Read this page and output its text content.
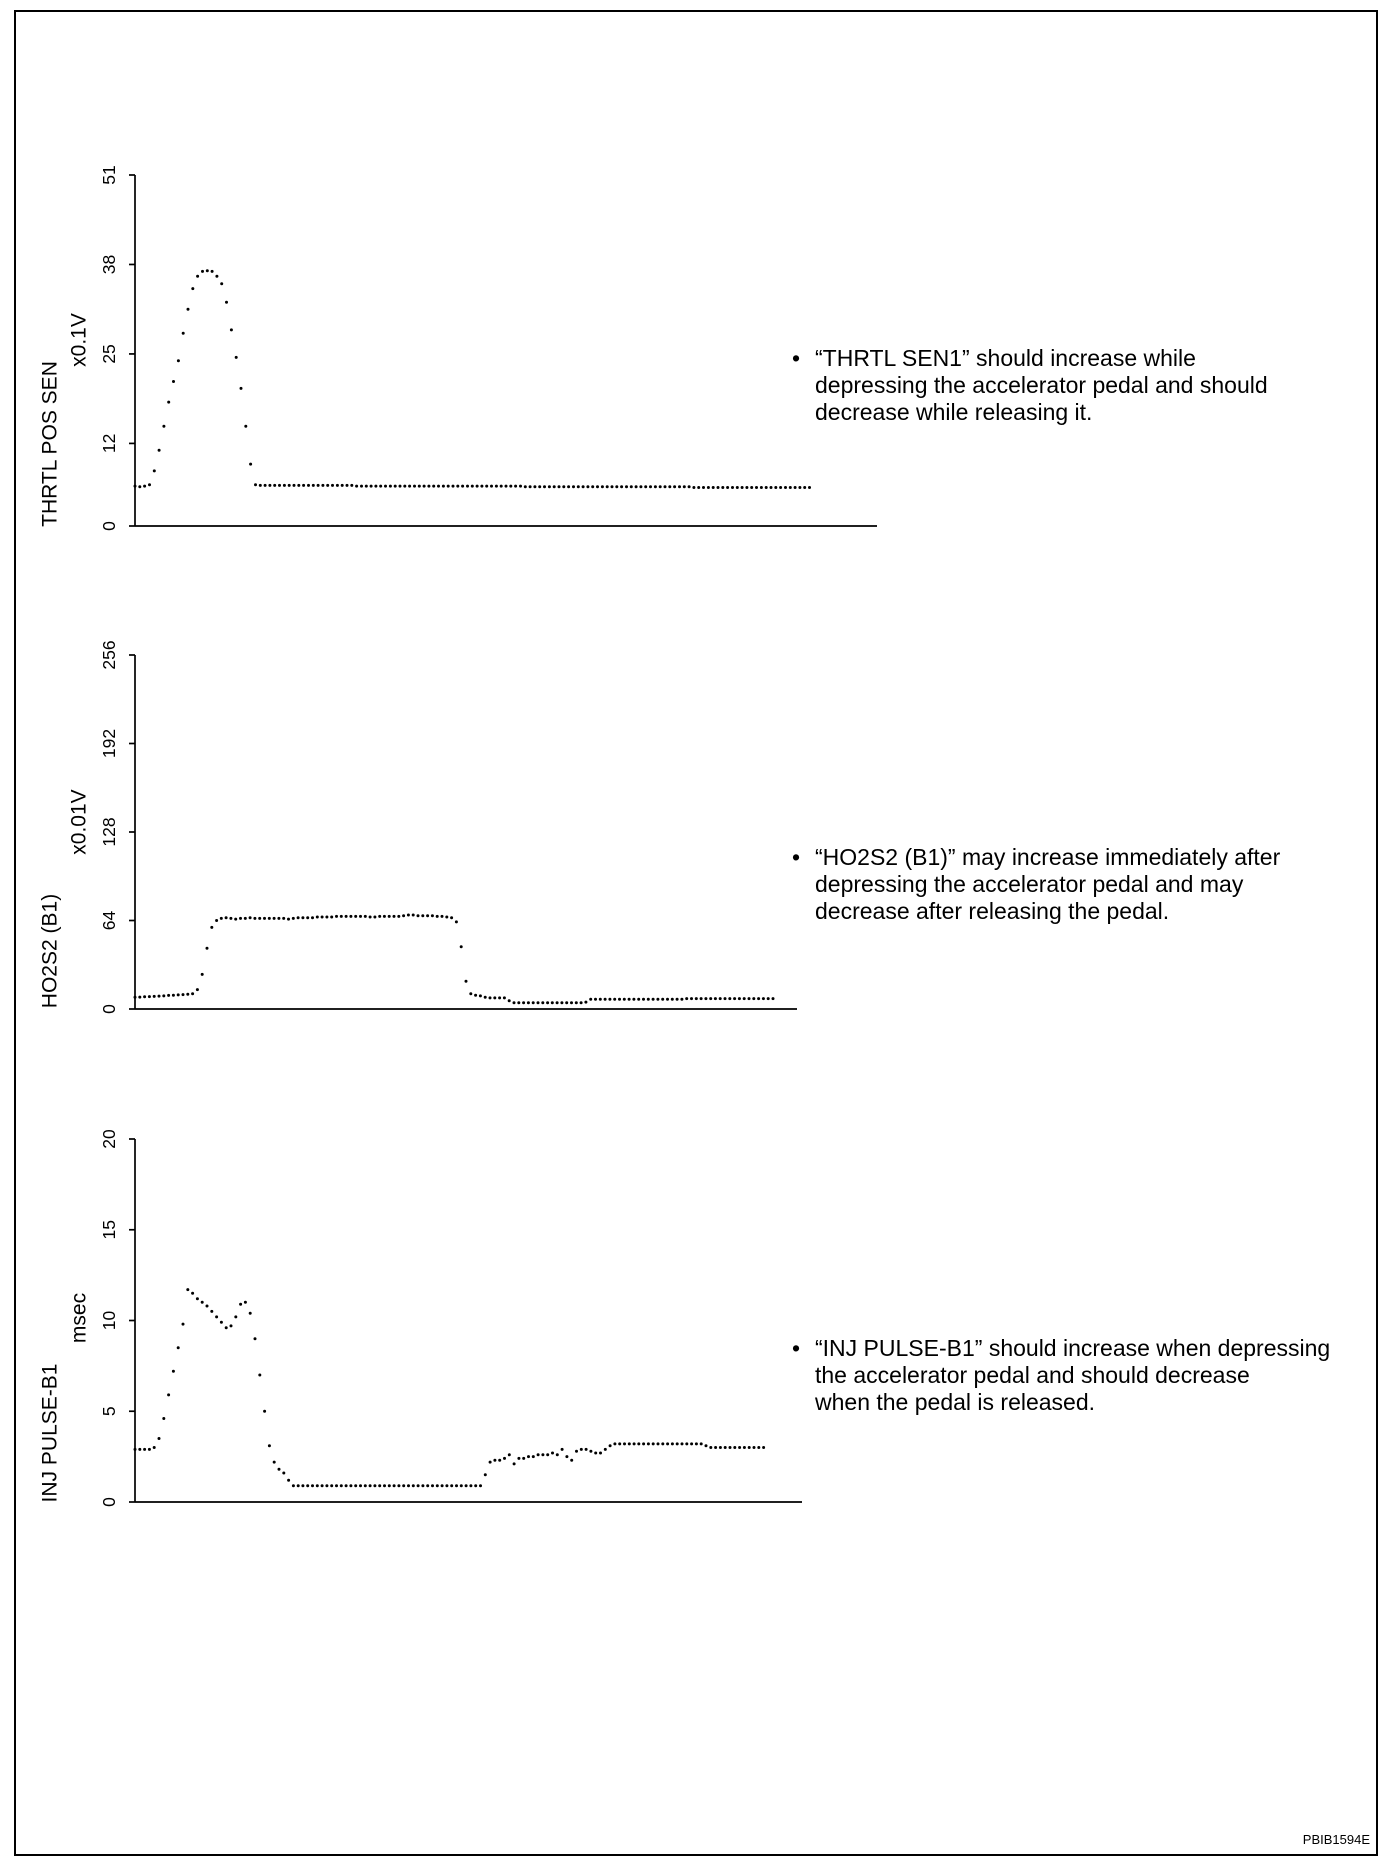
0
12
25
38
51
THRTL POS SEN
x0.1V
0
64
128
192
256
HO2S2 (B1)
x0.01V
0
5
10
15
20
INJ PULSE-B1
msec
• “THRTL SEN1” should increase while
depressing the accelerator pedal and should
decrease while releasing it.
• “HO2S2 (B1)” may increase immediately after
depressing the accelerator pedal and may
decrease after releasing the pedal.
• “INJ PULSE-B1” should increase when depressing
the accelerator pedal and should decrease
when the pedal is released.
PBIB1594E
